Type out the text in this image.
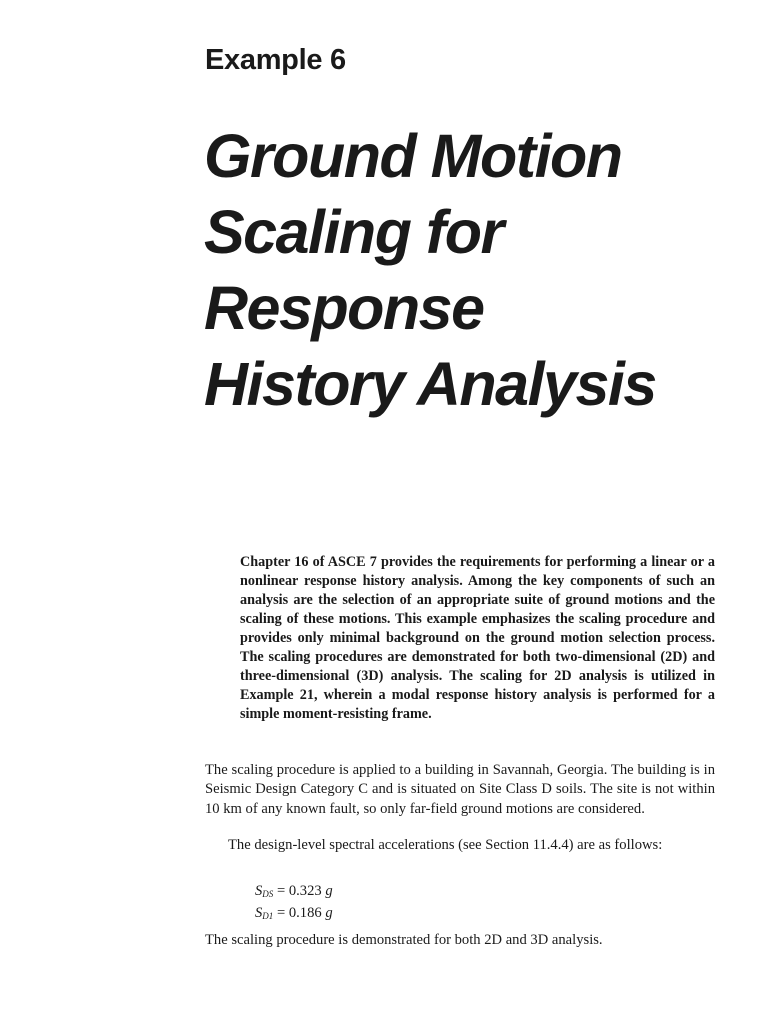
Example 6
Ground Motion
Scaling for
Response
History Analysis

Chapter 16 of ASCE 7 provides the requirements for performing a linear or a nonlinear response history analysis. Among the key components of such an analysis are the selection of an appropriate suite of ground motions and the scaling of these motions. This example emphasizes the scaling procedure and provides only minimal background on the ground motion selection process. The scaling procedures are demonstrated for both two-dimensional (2D) and three-dimensional (3D) analysis. The scaling for 2D analysis is utilized in Example 21, wherein a modal response history analysis is performed for a simple moment-resisting frame.

The scaling procedure is applied to a building in Savannah, Georgia. The building is in Seismic Design Category C and is situated on Site Class D soils. The site is not within 10 km of any known fault, so only far-field ground motions are considered.

The design-level spectral accelerations (see Section 11.4.4) are as follows:

$S_{DS} = 0.323$ g
$S_{D1} = 0.186$ g

The scaling procedure is demonstrated for both 2D and 3D analysis.
